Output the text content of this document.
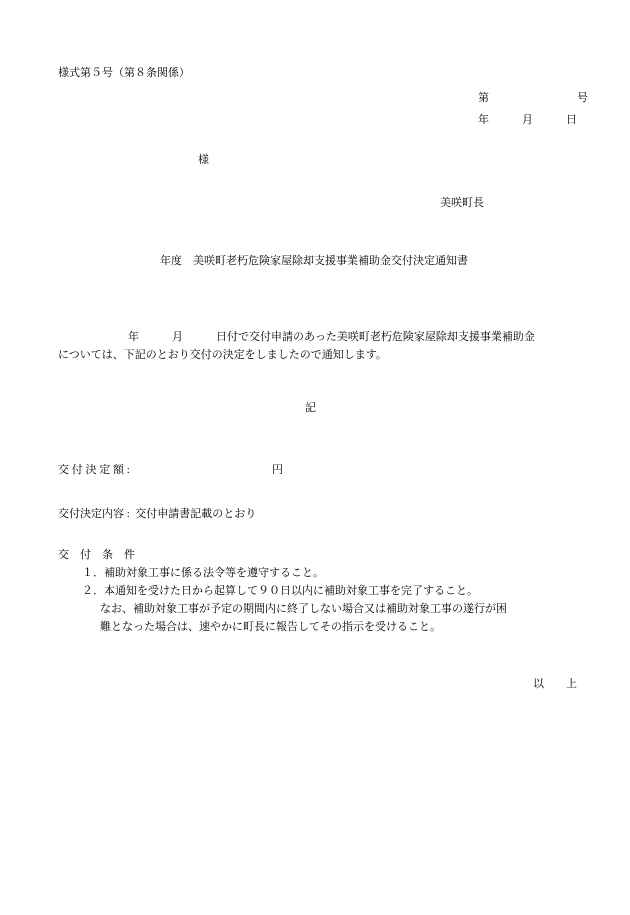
様式第５号（第８条関係）
第　　　　　　　　号
年　　　月　　　日
様
美咲町長
年度　美咲町老朽危険家屋除却支援事業補助金交付決定通知書
年　　　月　　　日付で交付申請のあった美咲町老朽危険家屋除却支援事業補助金
については、下記のとおり交付の決定をしましたので通知します。
記
交 付 決 定 額 :	円
交付決定内容 :  交付申請書記載のとおり
交　付　条　件
１．補助対象工事に係る法令等を遵守すること。
２．本通知を受けた日から起算して９０日以内に補助対象工事を完了すること。
なお、補助対象工事が予定の期間内に終了しない場合又は補助対象工事の遂行が困
難となった場合は、速やかに町長に報告してその指示を受けること。
以　　上
